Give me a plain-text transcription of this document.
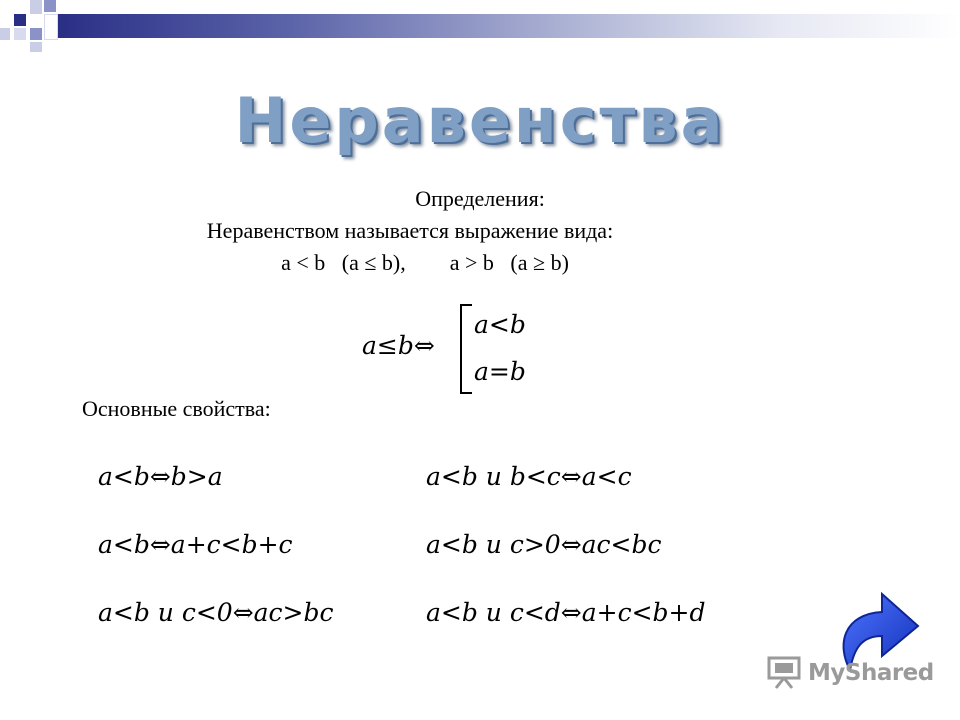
Неравенства
Определения:
Неравенством называется выражение вида:
a < b   (a ≤ b),        a > b   (a ≥ b)
a≤b⇔
a<b
a=b
Основные свойства:
a<b⇔b>a	a<b и b<c⇔a<c
a<b⇔a+c<b+c	a<b и c>0⇔ac<bc
a<b и c<0⇔ac>bc	a<b и c<d⇔a+c<b+d
MyShared
